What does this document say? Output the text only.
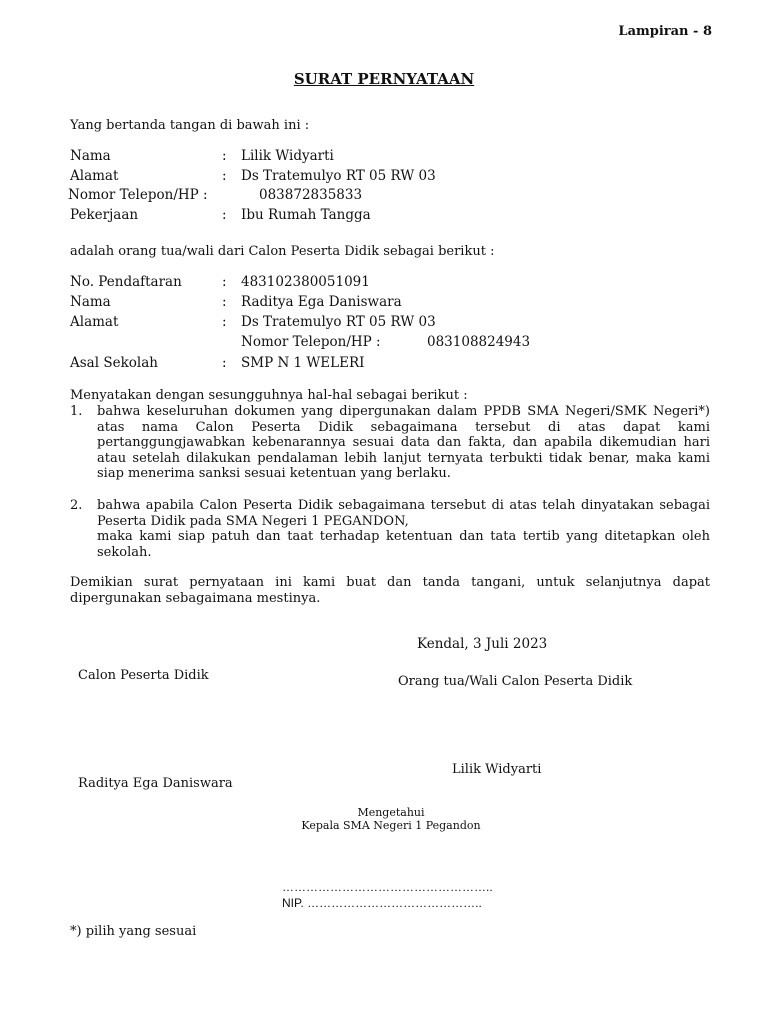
Lampiran - 8
SURAT PERNYATAAN
Yang bertanda tangan di bawah ini :
Nama	: Lilik Widyarti
Alamat	: Ds Tratemulyo RT 05 RW 03
Nomor Telepon/HP :	083872835833
Pekerjaan	: Ibu Rumah Tangga
adalah orang tua/wali dari Calon Peserta Didik sebagai berikut :
No. Pendaftaran	: 483102380051091
Nama	: Raditya Ega Daniswara
Alamat	: Ds Tratemulyo RT 05 RW 03
Nomor Telepon/HP :	083108824943
Asal Sekolah	: SMP N 1 WELERI
Menyatakan dengan sesungguhnya hal-hal sebagai berikut :
1. bahwa keseluruhan dokumen yang dipergunakan dalam PPDB SMA Negeri/SMK Negeri*) atas nama Calon Peserta Didik sebagaimana tersebut di atas dapat kami pertanggungjawabkan kebenarannya sesuai data dan fakta, dan apabila dikemudian hari atau setelah dilakukan pendalaman lebih lanjut ternyata terbukti tidak benar, maka kami siap menerima sanksi sesuai ketentuan yang berlaku.
2. bahwa apabila Calon Peserta Didik sebagaimana tersebut di atas telah dinyatakan sebagai Peserta Didik pada SMA Negeri 1 PEGANDON,
maka kami siap patuh dan taat terhadap ketentuan dan tata tertib yang ditetapkan oleh sekolah.
Demikian surat pernyataan ini kami buat dan tanda tangani, untuk selanjutnya dapat dipergunakan sebagaimana mestinya.
Kendal, 3 Juli 2023
Calon Peserta Didik	Orang tua/Wali Calon Peserta Didik
Lilik Widyarti
Raditya Ega Daniswara
Mengetahui
Kepala SMA Negeri 1 Pegandon
……………………………………………..
NIP. ……………………………………..
*) pilih yang sesuai
